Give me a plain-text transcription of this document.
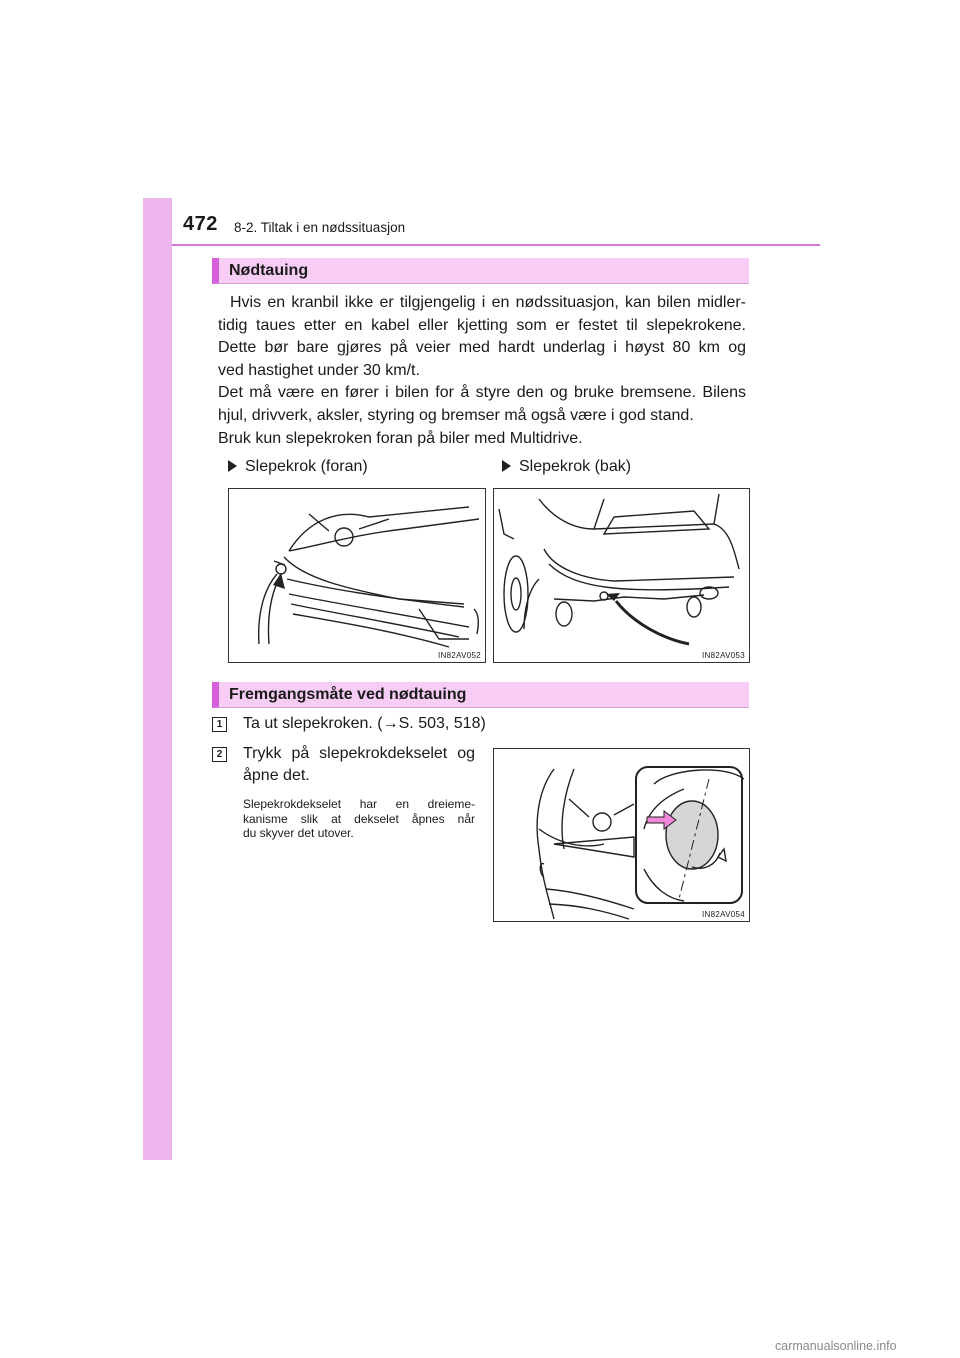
472 8-2. Tiltak i en nødssituasjon
Nødtauing
Hvis en kranbil ikke er tilgjengelig i en nødssituasjon, kan bilen midler-
tidig taues etter en kabel eller kjetting som er festet til slepekrokene.
Dette bør bare gjøres på veier med hardt underlag i høyst 80 km og
ved hastighet under 30 km/t.
Det må være en fører i bilen for å styre den og bruke bremsene. Bilens
hjul, drivverk, aksler, styring og bremser må også være i god stand.
Bruk kun slepekroken foran på biler med Multidrive.
Slepekrok (foran)	Slepekrok (bak)
IN82AV052	IN82AV053
Fremgangsmåte ved nødtauing
1 Ta ut slepekroken. (→S. 503, 518)
2 Trykk på slepekrokdekselet og
åpne det.
Slepekrokdekselet har en dreieme-
kanisme slik at dekselet åpnes når
du skyver det utover.
IN82AV054
carmanualsonline.info
